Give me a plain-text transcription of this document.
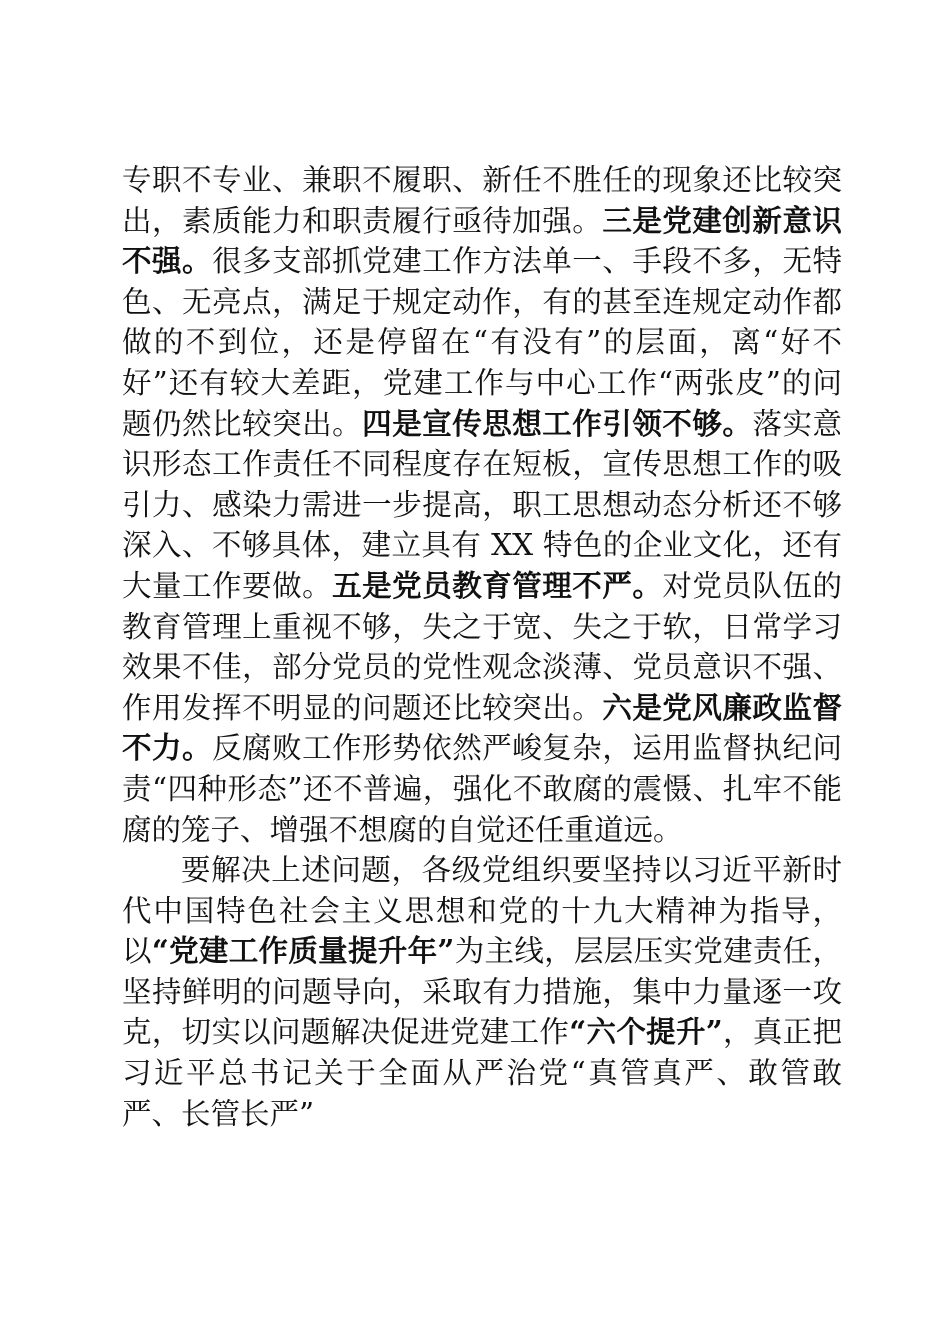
专职不专业、兼职不履职、新任不胜任的现象还比较突出，素质能力和职责履行亟待加强。三是党建创新意识不强。很多支部抓党建工作方法单一、手段不多，无特色、无亮点，满足于规定动作，有的甚至连规定动作都做的不到位，还是停留在“有没有”的层面，离“好不好”还有较大差距，党建工作与中心工作“两张皮”的问题仍然比较突出。四是宣传思想工作引领不够。落实意识形态工作责任不同程度存在短板，宣传思想工作的吸引力、感染力需进一步提高，职工思想动态分析还不够深入、不够具体，建立具有 XX 特色的企业文化，还有大量工作要做。五是党员教育管理不严。对党员队伍的教育管理上重视不够，失之于宽、失之于软，日常学习效果不佳，部分党员的党性观念淡薄、党员意识不强、作用发挥不明显的问题还比较突出。六是党风廉政监督不力。反腐败工作形势依然严峻复杂，运用监督执纪问责“四种形态”还不普遍，强化不敢腐的震慑、扎牢不能腐的笼子、增强不想腐的自觉还任重道远。

要解决上述问题，各级党组织要坚持以习近平新时代中国特色社会主义思想和党的十九大精神为指导，以“党建工作质量提升年”为主线，层层压实党建责任，坚持鲜明的问题导向，采取有力措施，集中力量逐一攻克，切实以问题解决促进党建工作“六个提升”，真正把习近平总书记关于全面从严治党“真管真严、敢管敢严、长管长严”
